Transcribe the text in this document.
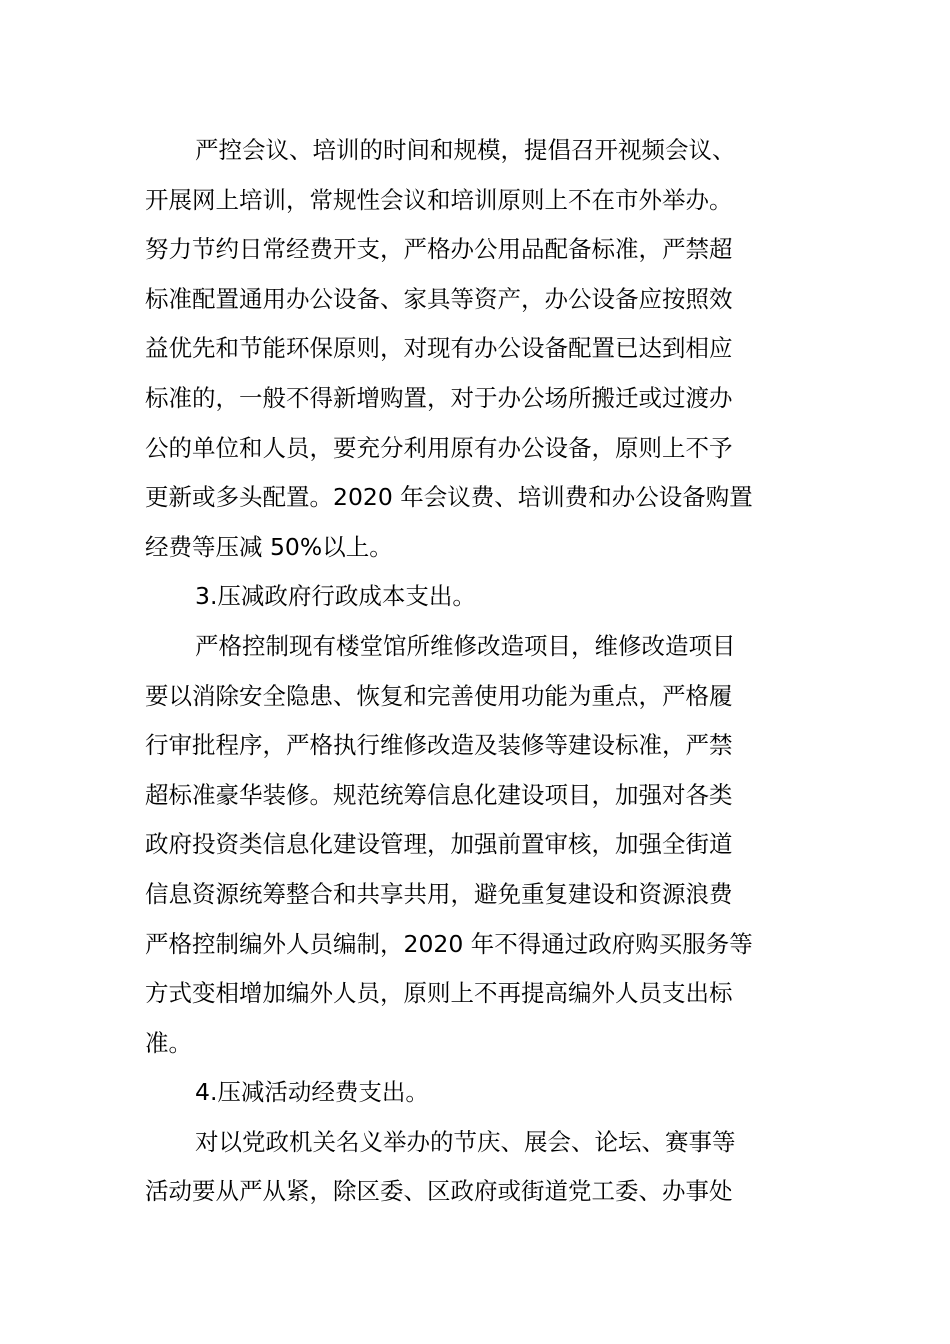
严控会议、培训的时间和规模，提倡召开视频会议、
开展网上培训，常规性会议和培训原则上不在市外举办。
努力节约日常经费开支，严格办公用品配备标准，严禁超
标准配置通用办公设备、家具等资产，办公设备应按照效
益优先和节能环保原则，对现有办公设备配置已达到相应
标准的，一般不得新增购置，对于办公场所搬迁或过渡办
公的单位和人员，要充分利用原有办公设备，原则上不予
更新或多头配置。2020 年会议费、培训费和办公设备购置
经费等压减 50%以上。
3.压减政府行政成本支出。
严格控制现有楼堂馆所维修改造项目，维修改造项目
要以消除安全隐患、恢复和完善使用功能为重点，严格履
行审批程序，严格执行维修改造及装修等建设标准，严禁
超标准豪华装修。规范统筹信息化建设项目，加强对各类
政府投资类信息化建设管理，加强前置审核，加强全街道
信息资源统筹整合和共享共用，避免重复建设和资源浪费
严格控制编外人员编制，2020 年不得通过政府购买服务等
方式变相增加编外人员，原则上不再提高编外人员支出标
准。
4.压减活动经费支出。
对以党政机关名义举办的节庆、展会、论坛、赛事等
活动要从严从紧，除区委、区政府或街道党工委、办事处
